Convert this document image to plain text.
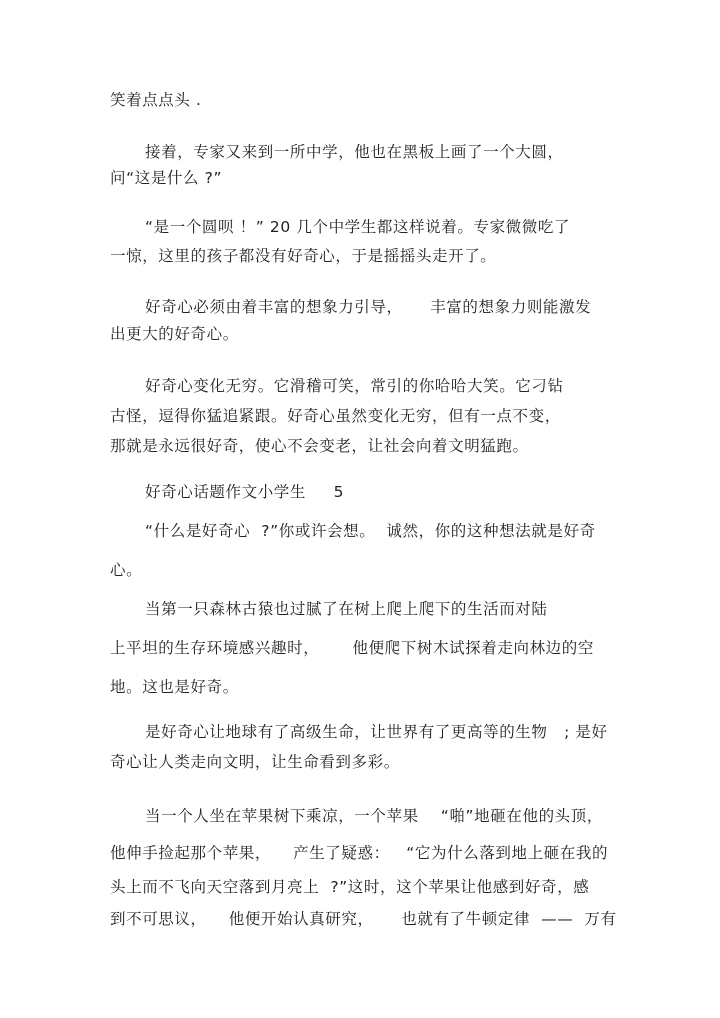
笑着点点头 .
接着，专家又来到一所中学，他也在黑板上画了一个大圆，
问“这是什么 ?”
“是一个圆呗 ！” 20 几个中学生都这样说着。专家微微吃了
一惊，这里的孩子都没有好奇心，于是摇摇头走开了。
好奇心必须由着丰富的想象力引导，     丰富的想象力则能激发
出更大的好奇心。
好奇心变化无穷。它滑稽可笑，常引的你哈哈大笑。它刁钻
古怪，逗得你猛追紧跟。好奇心虽然变化无穷，但有一点不变，
那就是永远很好奇，使心不会变老，让社会向着文明猛跑。
好奇心话题作文小学生     5
“什么是好奇心  ?”你或许会想。  诚然，你的这种想法就是好奇
心。
当第一只森林古猿也过腻了在树上爬上爬下的生活而对陆
上平坦的生存环境感兴趣时，      他便爬下树木试探着走向林边的空
地。这也是好奇。
是好奇心让地球有了高级生命，让世界有了更高等的生物   ; 是好
奇心让人类走向文明，让生命看到多彩。
当一个人坐在苹果树下乘凉，一个苹果    “啪”地砸在他的头顶，
他伸手捡起那个苹果，    产生了疑惑：   “它为什么落到地上砸在我的
头上而不飞向天空落到月亮上  ?”这时，这个苹果让他感到好奇，感
到不可思议，    他便开始认真研究，     也就有了牛顿定律  ——  万有
